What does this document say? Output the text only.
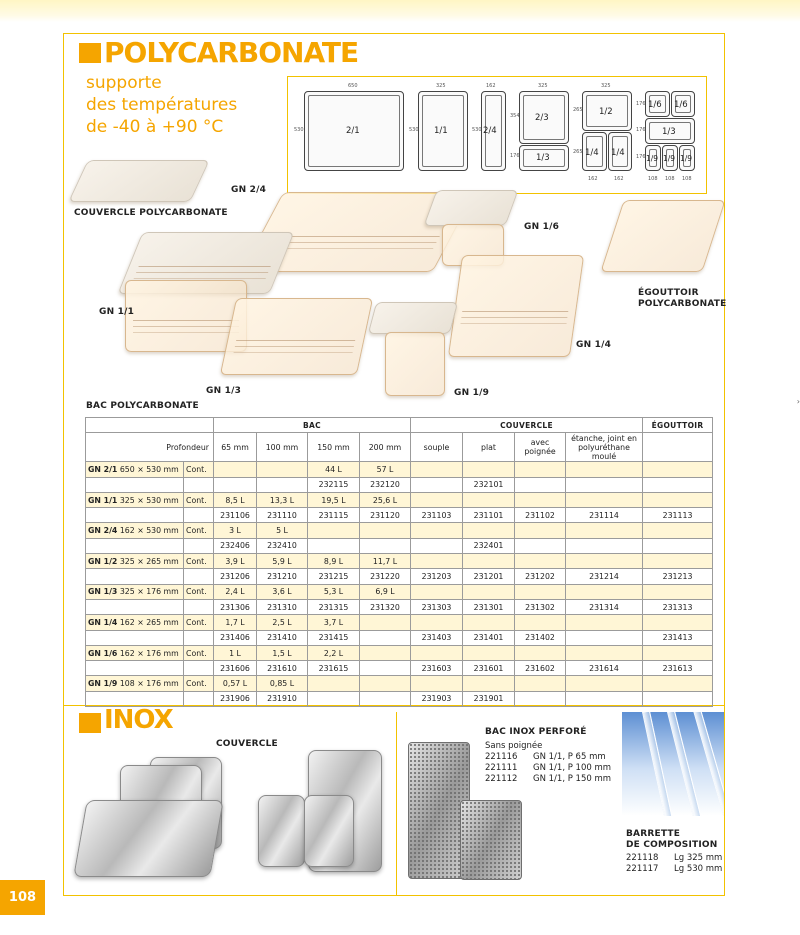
POLYCARBONATE
supporte
des températures
de -40 à +90 °C	2/1
650
530	1/1
325
530	2/4
162
530
2/3
1/3
325
354
176
1/2
1/4 1/4
325
265
265
162	162
1/6 1/6
1/3
1/9 1/9 1/9
176
176
176
108 108 108
COUVERCLE POLYCARBONATE
GN 2/4
GN 1/6
ÉGOUTTOIR
POLYCARBONATE
GN 1/1
GN 1/4
GN 1/3	GN 1/9
BAC POLYCARBONATE
		BAC				COUVERCLE				ÉGOUTTOIR
Profondeur		65 mm	100 mm	150 mm	200 mm	souple	plat	avec poignée	étanche, joint en polyuréthane moulé	
GN 2/1 650 × 530 mm	Cont.			44 L	57 L					
				232115	232120		232101			
GN 1/1 325 × 530 mm	Cont.	8,5 L	13,3 L	19,5 L	25,6 L					
		231106	231110	231115	231120	231103	231101	231102	231114	231113
GN 2/4 162 × 530 mm	Cont.	3 L	5 L							
		232406	232410				232401			
GN 1/2 325 × 265 mm	Cont.	3,9 L	5,9 L	8,9 L	11,7 L					
		231206	231210	231215	231220	231203	231201	231202	231214	231213
GN 1/3 325 × 176 mm	Cont.	2,4 L	3,6 L	5,3 L	6,9 L					
		231306	231310	231315	231320	231303	231301	231302	231314	231313
GN 1/4 162 × 265 mm	Cont.	1,7 L	2,5 L	3,7 L						
		231406	231410	231415		231403	231401	231402		231413
GN 1/6 162 × 176 mm	Cont.	1 L	1,5 L	2,2 L						
		231606	231610	231615		231603	231601	231602	231614	231613
GN 1/9 108 × 176 mm	Cont.	0,57 L	0,85 L							
		231906	231910			231903	231901			
›
INOX
COUVERCLE
BAC INOX PERFORÉ
Sans poignée
221116 GN 1/1, P 65 mm
221111 GN 1/1, P 100 mm
221112 GN 1/1, P 150 mm
BARRETTE
DE COMPOSITION
221118 Lg 325 mm
221117 Lg 530 mm
108
